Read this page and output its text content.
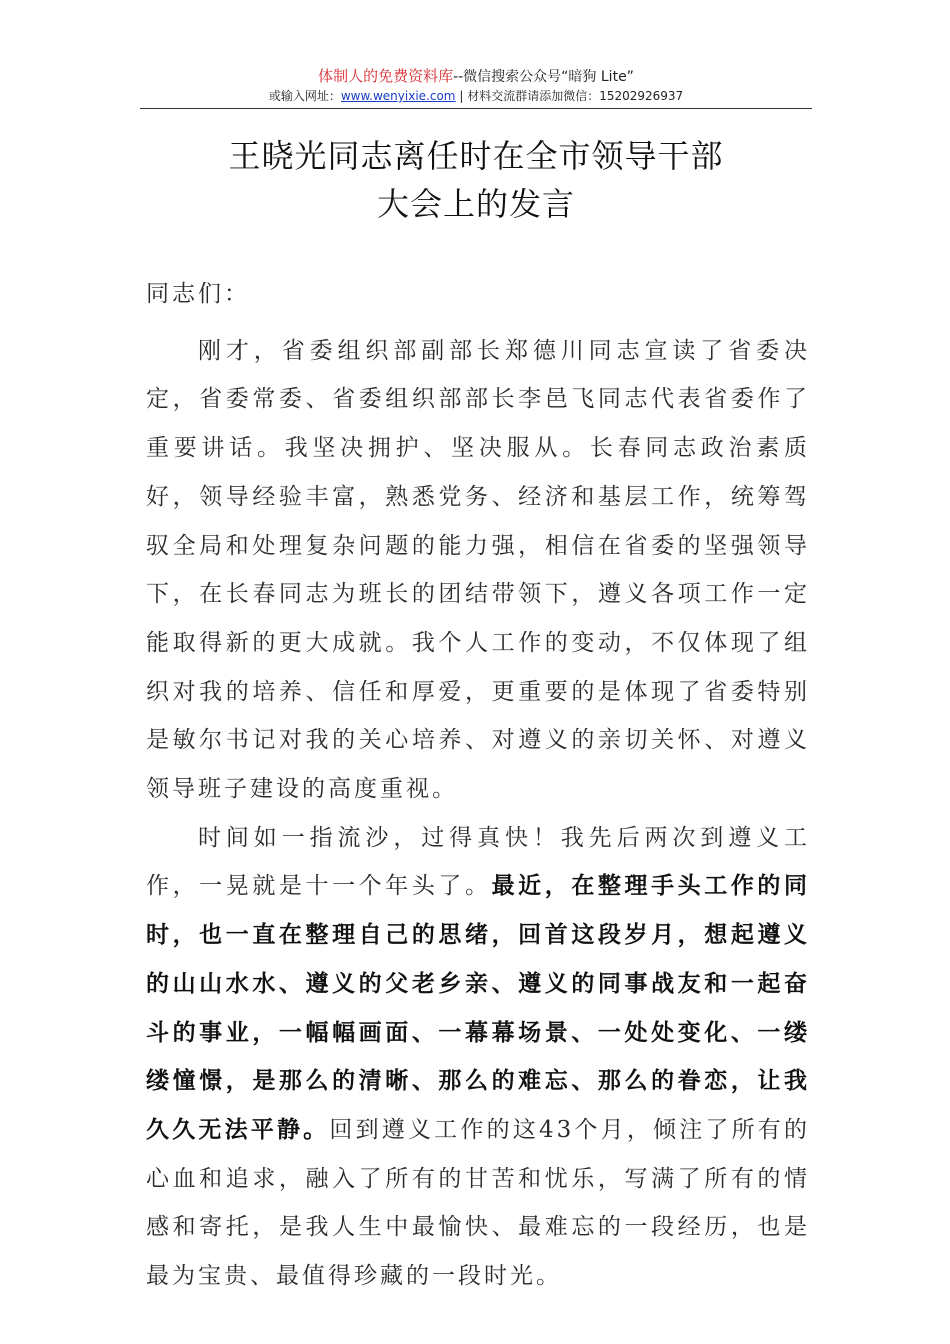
体制人的免费资料库--微信搜索公众号“暗狗 Lite”
或输入网址：www.wenyixie.com | 材料交流群请添加微信：15202926937
王晓光同志离任时在全市领导干部
大会上的发言

同志们：

刚才，省委组织部副部长郑德川同志宣读了省委决定，省委常委、省委组织部部长李邑飞同志代表省委作了重要讲话。我坚决拥护、坚决服从。长春同志政治素质好，领导经验丰富，熟悉党务、经济和基层工作，统筹驾驭全局和处理复杂问题的能力强，相信在省委的坚强领导下，在长春同志为班长的团结带领下，遵义各项工作一定能取得新的更大成就。我个人工作的变动，不仅体现了组织对我的培养、信任和厚爱，更重要的是体现了省委特别是敏尔书记对我的关心培养、对遵义的亲切关怀、对遵义领导班子建设的高度重视。

时间如一指流沙，过得真快！我先后两次到遵义工作，一晃就是十一个年头了。最近，在整理手头工作的同时，也一直在整理自己的思绪，回首这段岁月，想起遵义的山山水水、遵义的父老乡亲、遵义的同事战友和一起奋斗的事业，一幅幅画面、一幕幕场景、一处处变化、一缕缕憧憬，是那么的清晰、那么的难忘、那么的眷恋，让我久久无法平静。回到遵义工作的这43个月，倾注了所有的心血和追求，融入了所有的甘苦和忧乐，写满了所有的情感和寄托，是我人生中最愉快、最难忘的一段经历，也是最为宝贵、最值得珍藏的一段时光。
